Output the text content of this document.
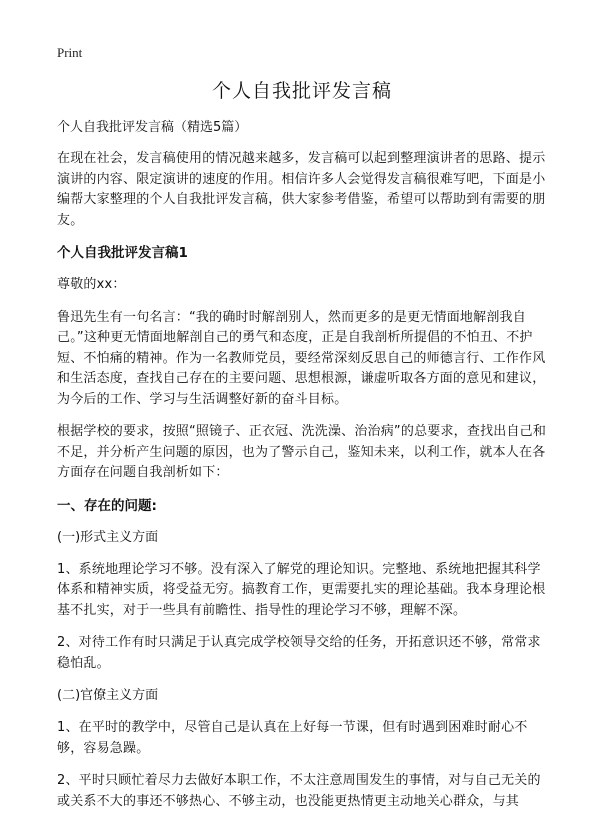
Print
个人自我批评发言稿
个人自我批评发言稿（精选5篇）

在现在社会，发言稿使用的情况越来越多，发言稿可以起到整理演讲者的思路、提示演讲的内容、限定演讲的速度的作用。相信许多人会觉得发言稿很难写吧，下面是小编帮大家整理的个人自我批评发言稿，供大家参考借鉴，希望可以帮助到有需要的朋友。

个人自我批评发言稿1

尊敬的xx：

鲁迅先生有一句名言：“我的确时时解剖别人，然而更多的是更无情面地解剖我自己。”这种更无情面地解剖自己的勇气和态度，正是自我剖析所提倡的不怕丑、不护短、不怕痛的精神。作为一名教师党员，要经常深刻反思自己的师德言行、工作作风和生活态度，查找自己存在的主要问题、思想根源，谦虚听取各方面的意见和建议，为今后的工作、学习与生活调整好新的奋斗目标。

根据学校的要求，按照“照镜子、正衣冠、洗洗澡、治治病”的总要求，查找出自己和不足，并分析产生问题的原因，也为了警示自己，鉴知未来，以利工作，就本人在各方面存在问题自我剖析如下：

一、存在的问题:
(一)形式主义方面

1、系统地理论学习不够。没有深入了解党的理论知识。完整地、系统地把握其科学体系和精神实质，将受益无穷。搞教育工作，更需要扎实的理论基础。我本身理论根基不扎实，对于一些具有前瞻性、指导性的理论学习不够，理解不深。

2、对待工作有时只满足于认真完成学校领导交给的任务，开拓意识还不够，常常求稳怕乱。

(二)官僚主义方面

1、在平时的教学中，尽管自己是认真在上好每一节课，但有时遇到困难时耐心不够，容易急躁。

2、平时只顾忙着尽力去做好本职工作，不太注意周围发生的事情，对与自己无关的或关系不大的事还不够热心、不够主动，也没能更热情更主动地关心群众，与其
